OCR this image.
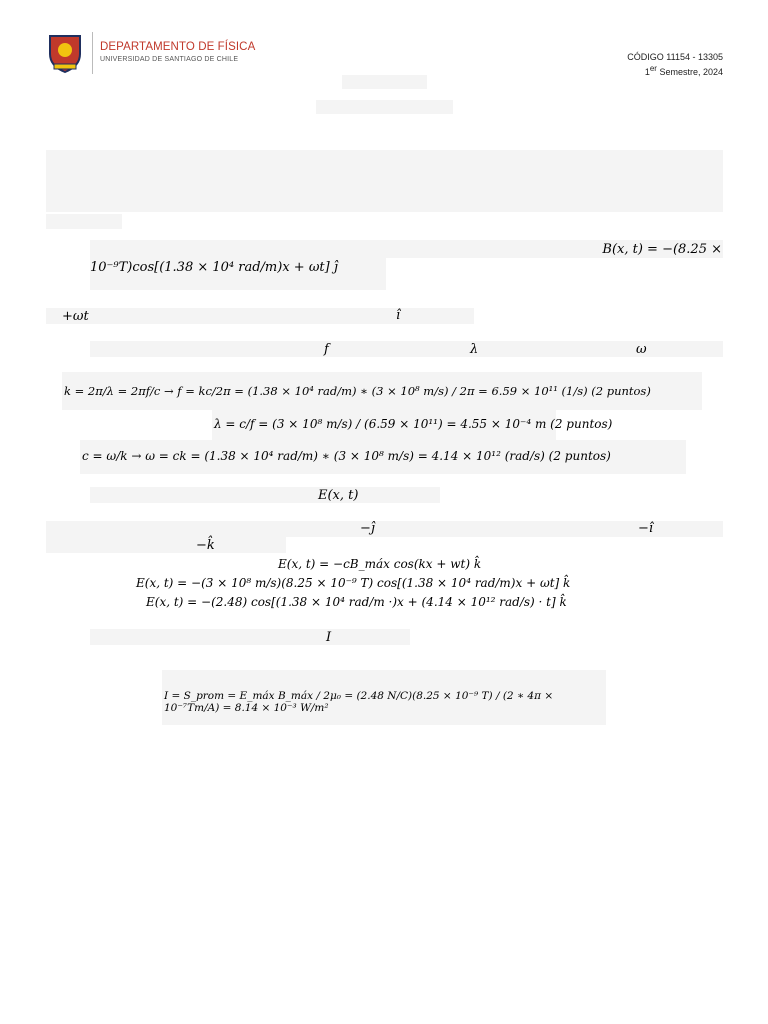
DEPARTAMENTO DE FÍSICA
UNIVERSIDAD DE SANTIAGO DE CHILE	CÓDIGO 11154 - 13305
1er Semestre, 2024
B(x, t) = −(8.25 ×
10⁻⁹T)cos[(1.38 × 10⁴ rad/m)x + ωt] ĵ
+ωt	î
f	λ	ω
k = 2π/λ = 2πf/c → f = kc/2π = (1.38 × 10⁴ rad/m) ∗ (3 × 10⁸ m/s) / 2π = 6.59 × 10¹¹ (1/s) (2 puntos)
λ = c/f = (3 × 10⁸ m/s) / (6.59 × 10¹¹) = 4.55 × 10⁻⁴ m (2 puntos)
c = ω/k → ω = ck = (1.38 × 10⁴ rad/m) ∗ (3 × 10⁸ m/s) = 4.14 × 10¹² (rad/s) (2 puntos)
E(x, t)
−ĵ	−î
−k̂
E(x, t) = −cB_máx cos(kx + wt) k̂
E(x, t) = −(3 × 10⁸ m/s)(8.25 × 10⁻⁹ T) cos[(1.38 × 10⁴ rad/m)x + ωt] k̂
E(x, t) = −(2.48) cos[(1.38 × 10⁴ rad/m ·)x + (4.14 × 10¹² rad/s) · t] k̂
I
I = S_prom = E_máx B_máx / 2μ₀ = (2.48 N/C)(8.25 × 10⁻⁹ T) / (2 ∗ 4π × 10⁻⁷Tm/A) = 8.14 × 10⁻³ W/m²
